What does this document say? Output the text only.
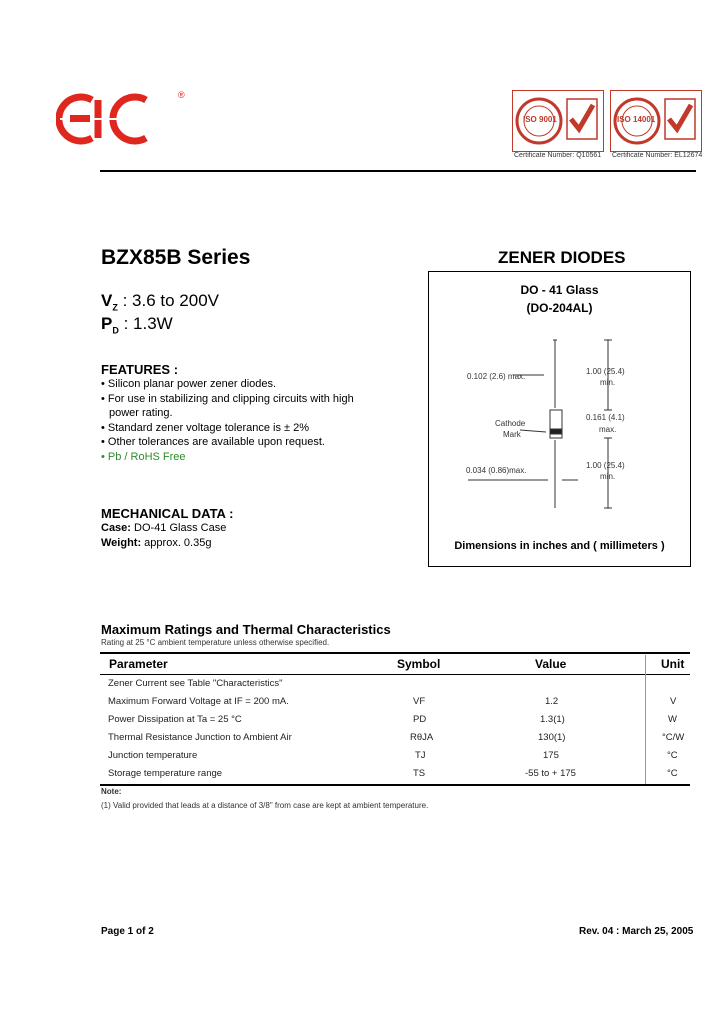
®
ISO 9001
Certificate Number: Q10561
ISO 14001
Certificate Number: EL12674
BZX85B Series	ZENER DIODES
$V_Z$ : 3.6 to 200V
$P_D$ : 1.3W
FEATURES :
• Silicon planar power zener diodes.
• For use in stabilizing and clipping circuits with high
power rating.
• Standard zener voltage tolerance is ± 2%
• Other tolerances are available upon request.
• Pb / RoHS Free
MECHANICAL DATA :
Case: DO-41 Glass Case
Weight: approx. 0.35g
DO - 41 Glass
(DO-204AL)
0.102 (2.6) max.
1.00 (25.4)
min.
0.161 (4.1)
max.
Cathode
Mark
0.034 (0.86)max.
1.00 (25.4)
min.
Dimensions in inches and ( millimeters )
Maximum Ratings and Thermal Characteristics
Rating at 25 °C ambient temperature unless otherwise specified.
Parameter	Symbol	Value	Unit
Zener Current see Table "Characteristics"
Maximum Forward Voltage at IF = 200 mA.	VF	1.2	V
Power Dissipation at Ta = 25 °C	PD	1.3(1)	W
Thermal Resistance Junction to Ambient Air	RθJA	130(1)	°C/W
Junction temperature	TJ	175	°C
Storage temperature range	TS	-55 to + 175	°C
Note:
(1) Valid provided that leads at a distance of 3/8" from case are kept at ambient temperature.
Page 1 of 2	Rev. 04 : March 25, 2005
